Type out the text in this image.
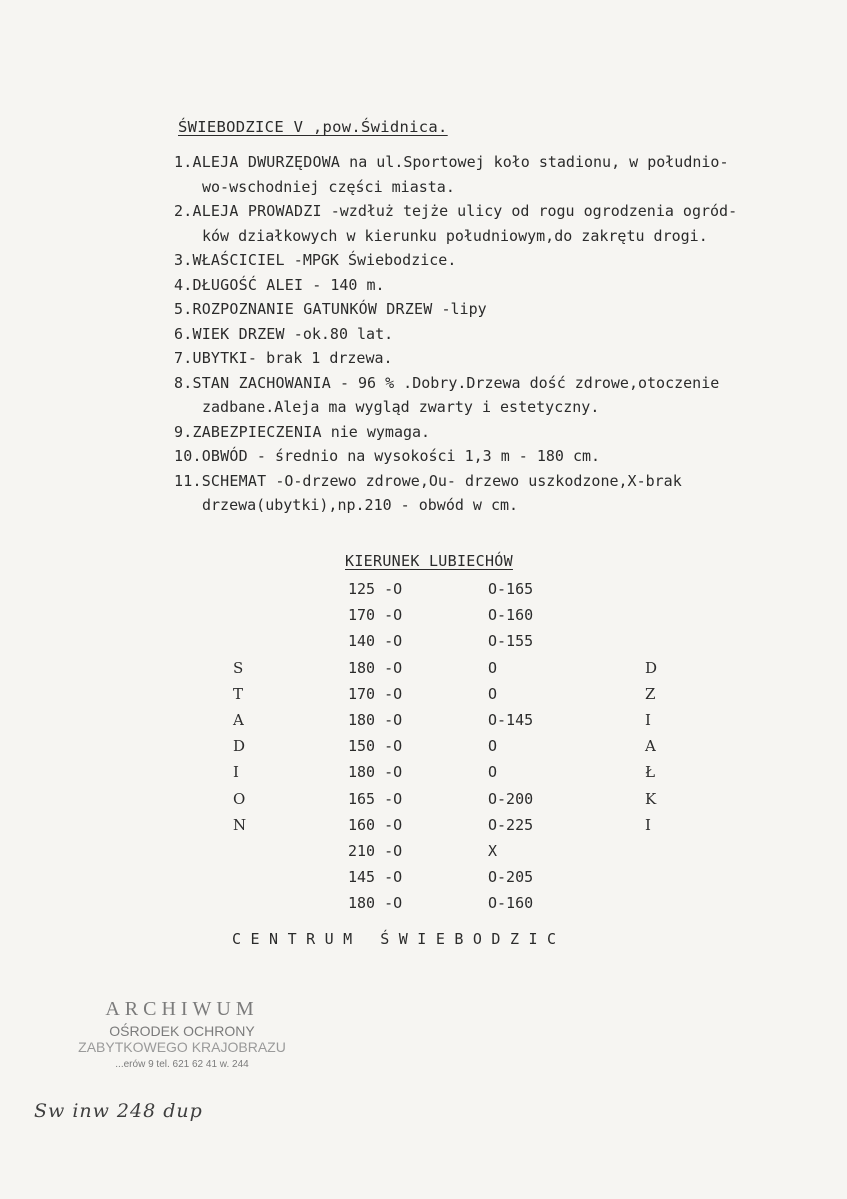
ŚWIEBODZICE V ,pow.Świdnica.
1.ALEJA DWURZĘDOWA na ul.Sportowej koło stadionu, w południo-
wo-wschodniej części miasta.
2.ALEJA PROWADZI -wzdłuż tejże ulicy od rogu ogrodzenia ogród-
ków działkowych w kierunku południowym,do zakrętu drogi.
3.WŁAŚCICIEL -MPGK Świebodzice.
4.DŁUGOŚĆ ALEI - 140 m.
5.ROZPOZNANIE GATUNKÓW DRZEW -lipy
6.WIEK DRZEW -ok.80 lat.
7.UBYTKI- brak 1 drzewa.
8.STAN ZACHOWANIA - 96 % .Dobry.Drzewa dość zdrowe,otoczenie
zadbane.Aleja ma wygląd zwarty i estetyczny.
9.ZABEZPIECZENIA nie wymaga.
10.OBWÓD - średnio na wysokości 1,3 m - 180 cm.
11.SCHEMAT -O-drzewo zdrowe,Ou- drzewo uszkodzone,X-brak
drzewa(ubytki),np.210 - obwód w cm.
KIERUNEK LUBIECHÓW
125 -O	O-165
170 -O	O-160
140 -O	O-155
S	180 -O	O	D
T	170 -O	O	Z
A	180 -O	O-145	I
D	150 -O	O	A
I	180 -O	O	Ł
O	165 -O	O-200	K
N	160 -O	O-225	I
210 -O	X
145 -O	O-205
180 -O	O-160
CENTRUM ŚWIEBODZIC
ARCHIWUM
OŚRODEK OCHRONY
ZABYTKOWEGO KRAJOBRAZU
...erów 9 tel. 621 62 41 w. 244
Sw inw 248 dup
